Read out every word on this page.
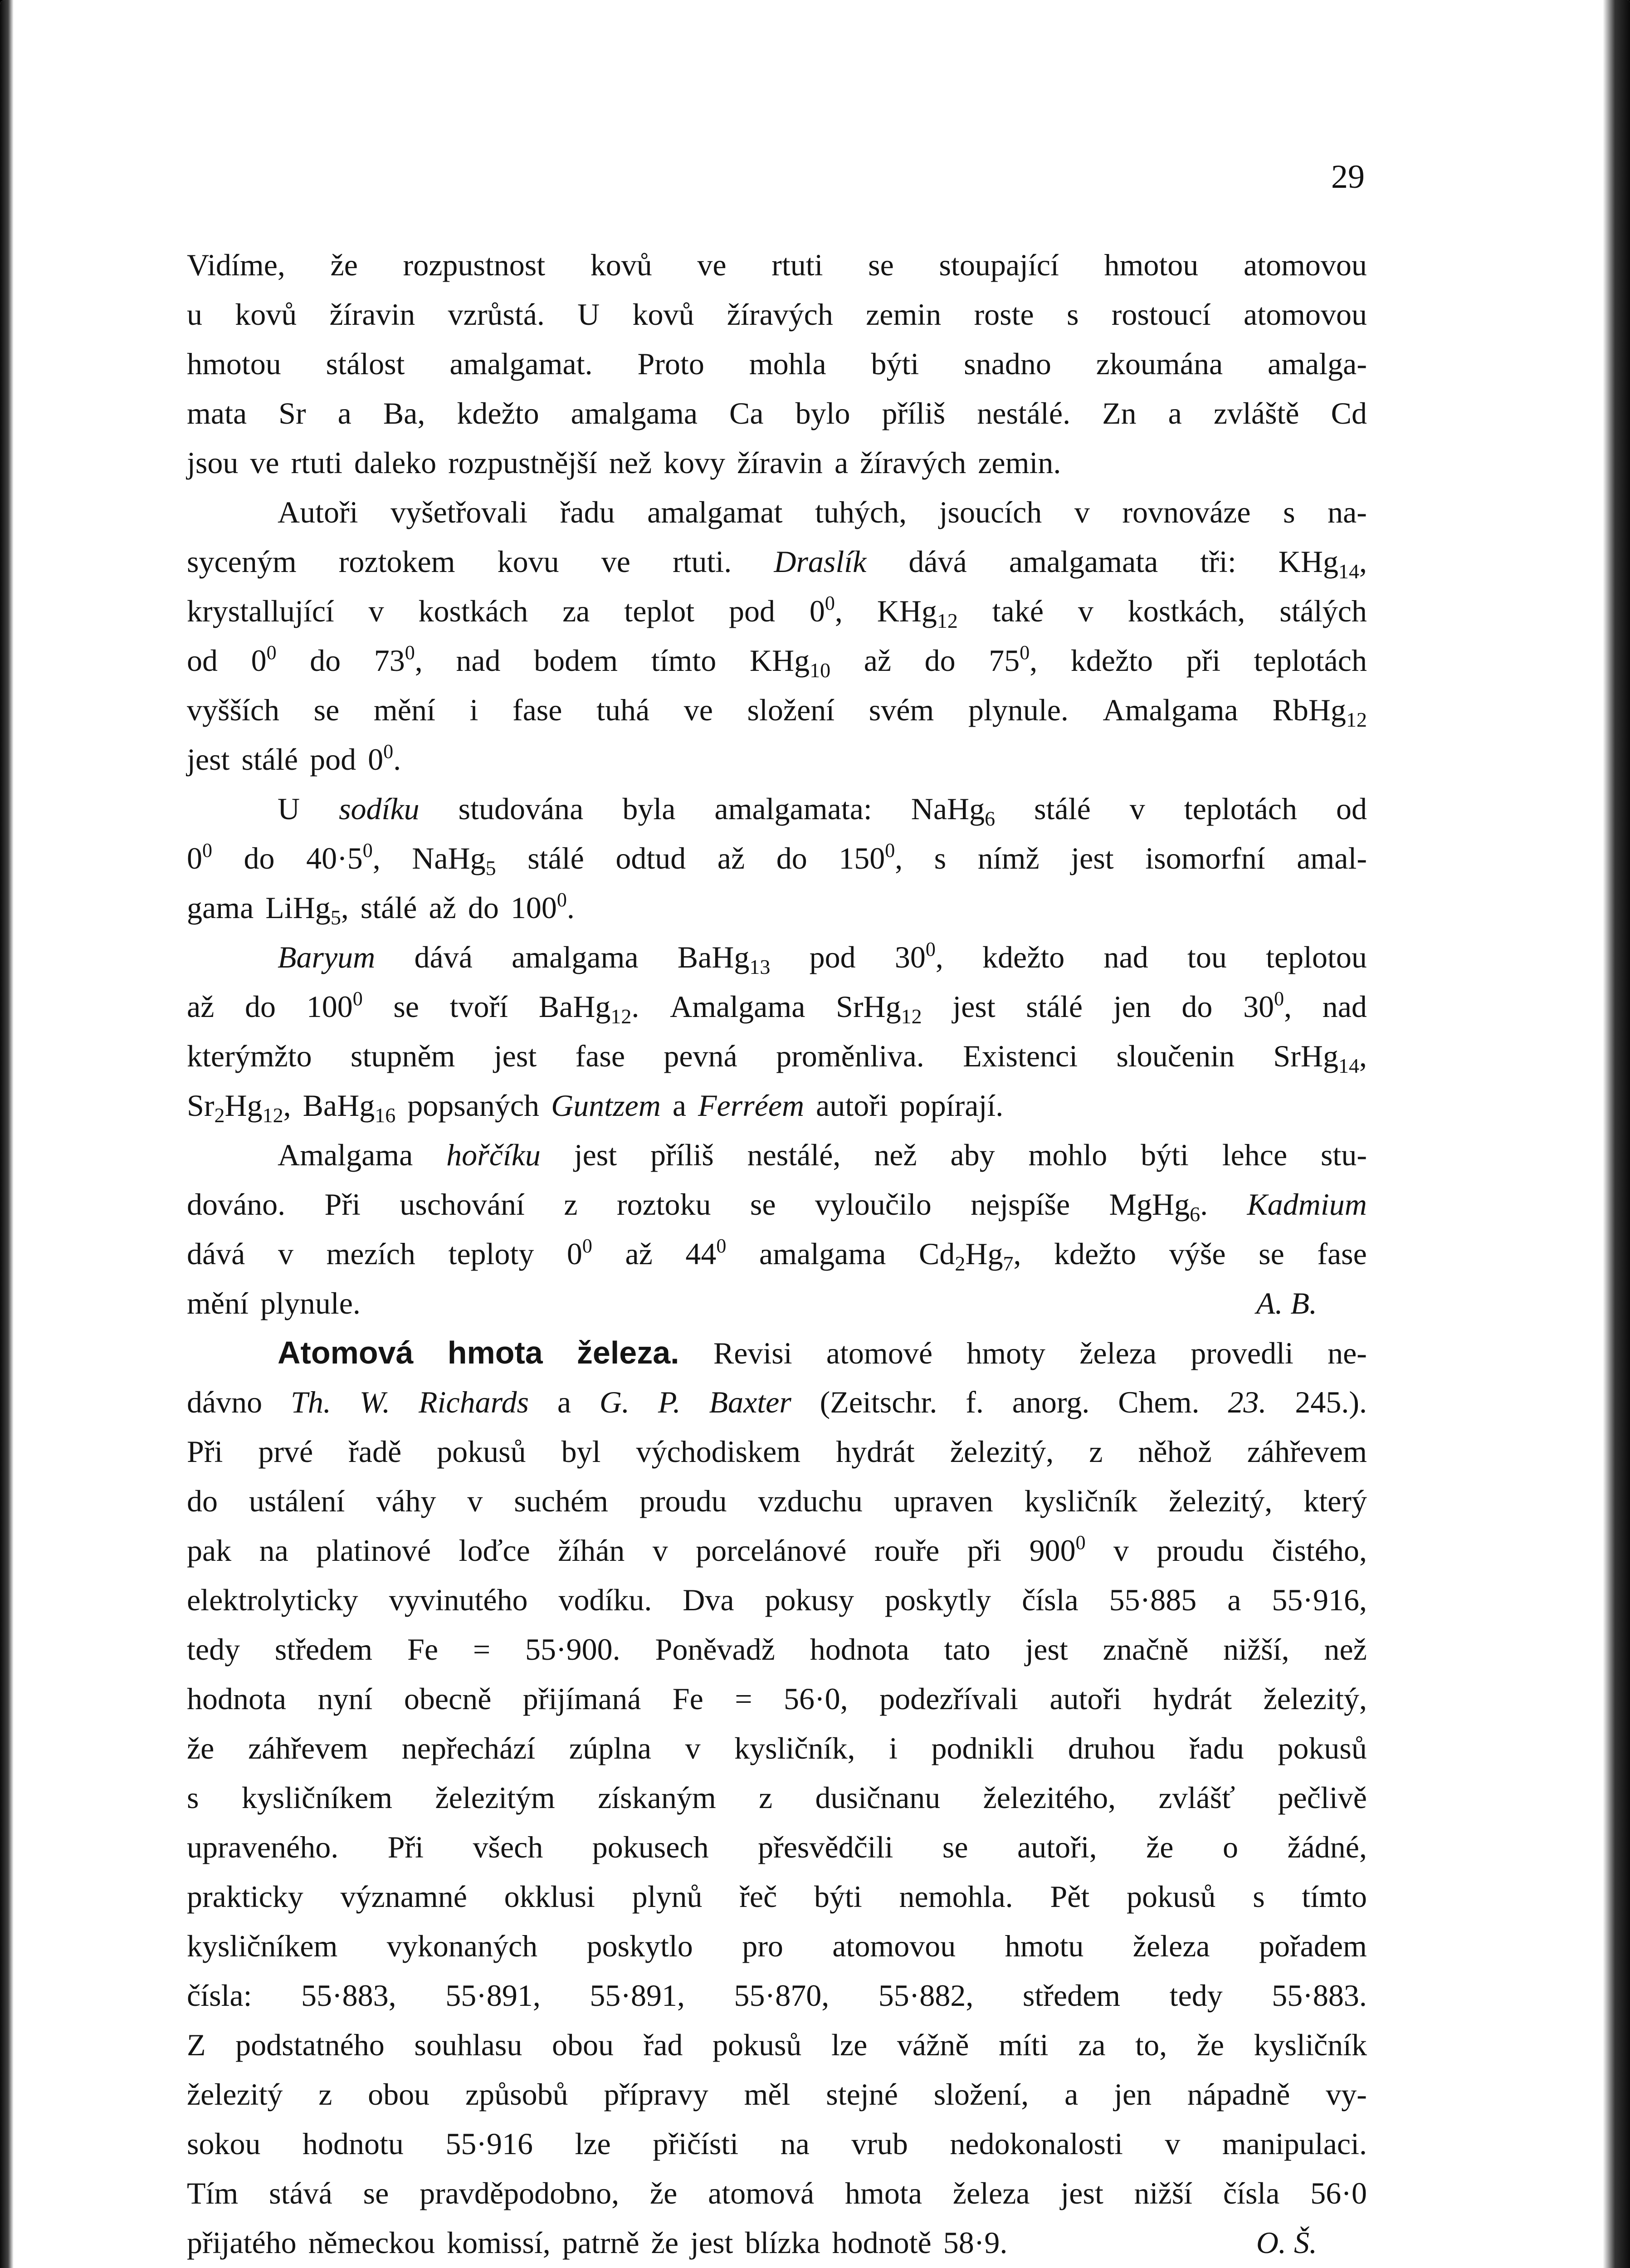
29
Vidíme, že rozpustnost kovů ve rtuti se stoupající hmotou atomovou
u kovů žíravin vzrůstá. U kovů žíravých zemin roste s rostoucí atomovou
hmotou stálost amalgamat. Proto mohla býti snadno zkoumána amalga-
mata Sr a Ba, kdežto amalgama Ca bylo příliš nestálé. Zn a zvláště Cd
jsou ve rtuti daleko rozpustnější než kovy žíravin a žíravých zemin.
Autoři vyšetřovali řadu amalgamat tuhých, jsoucích v rovnováze s na-
syceným roztokem kovu ve rtuti. Draslík dává amalgamata tři: KHg$_{14}$,
krystallující v kostkách za teplot pod $0^0$, KHg$_{12}$ také v kostkách, stálých
od $0^0$ do $73^0$, nad bodem tímto KHg$_{10}$ až do $75^0$, kdežto při teplotách
vyšších se mění i fase tuhá ve složení svém plynule. Amalgama RbHg$_{12}$
jest stálé pod $0^0$.
U sodíku studována byla amalgamata: NaHg$_6$ stálé v teplotách od
$0^0$ do $40\cdot 5^0$, NaHg$_5$ stálé odtud až do $150^0$, s nímž jest isomorfní amal-
gama LiHg$_5$, stálé až do $100^0$.
Baryum dává amalgama BaHg$_{13}$ pod $30^0$, kdežto nad tou teplotou
až do $100^0$ se tvoří BaHg$_{12}$. Amalgama SrHg$_{12}$ jest stálé jen do $30^0$, nad
kterýmžto stupněm jest fase pevná proměnliva. Existenci sloučenin SrHg$_{14}$,
$Sr_2Hg_{12}$, BaHg$_{16}$ popsaných Guntzem a Ferréem autoři popírají.
Amalgama hořčíku jest příliš nestálé, než aby mohlo býti lehce stu-
dováno. Při uschování z roztoku se vyloučilo nejspíše MgHg$_6$. Kadmium
dává v mezích teploty $0^0$ až $44^0$ amalgama $Cd_2Hg_7$, kdežto výše se fase
mění plynule.	A. B.
Atomová hmota železa. Revisi atomové hmoty železa provedli ne-
dávno Th. W. Richards a G. P. Baxter (Zeitschr. f. anorg. Chem. 23. 245.).
Při prvé řadě pokusů byl východiskem hydrát železitý, z něhož záhřevem
do ustálení váhy v suchém proudu vzduchu upraven kysličník železitý, který
pak na platinové loďce žíhán v porcelánové rouře při $900^0$ v proudu čistého,
elektrolyticky vyvinutého vodíku. Dva pokusy poskytly čísla 55·885 a 55·916,
tedy středem Fe = 55·900. Poněvadž hodnota tato jest značně nižší, než
hodnota nyní obecně přijímaná Fe = 56·0, podezřívali autoři hydrát železitý,
že záhřevem nepřechází zúplna v kysličník, i podnikli druhou řadu pokusů
s kysličníkem železitým získaným z dusičnanu železitého, zvlášť pečlivě
upraveného. Při všech pokusech přesvědčili se autoři, že o žádné,
prakticky významné okklusi plynů řeč býti nemohla. Pět pokusů s tímto
kysličníkem vykonaných poskytlo pro atomovou hmotu železa pořadem
čísla: 55·883, 55·891, 55·891, 55·870, 55·882, středem tedy 55·883.
Z podstatného souhlasu obou řad pokusů lze vážně míti za to, že kysličník
železitý z obou způsobů přípravy měl stejné složení, a jen nápadně vy-
sokou hodnotu 55·916 lze přičísti na vrub nedokonalosti v manipulaci.
Tím stává se pravděpodobno, že atomová hmota železa jest nižší čísla 56·0
přijatého německou komissí, patrně že jest blízka hodnotě 58·9.	O. Š.
